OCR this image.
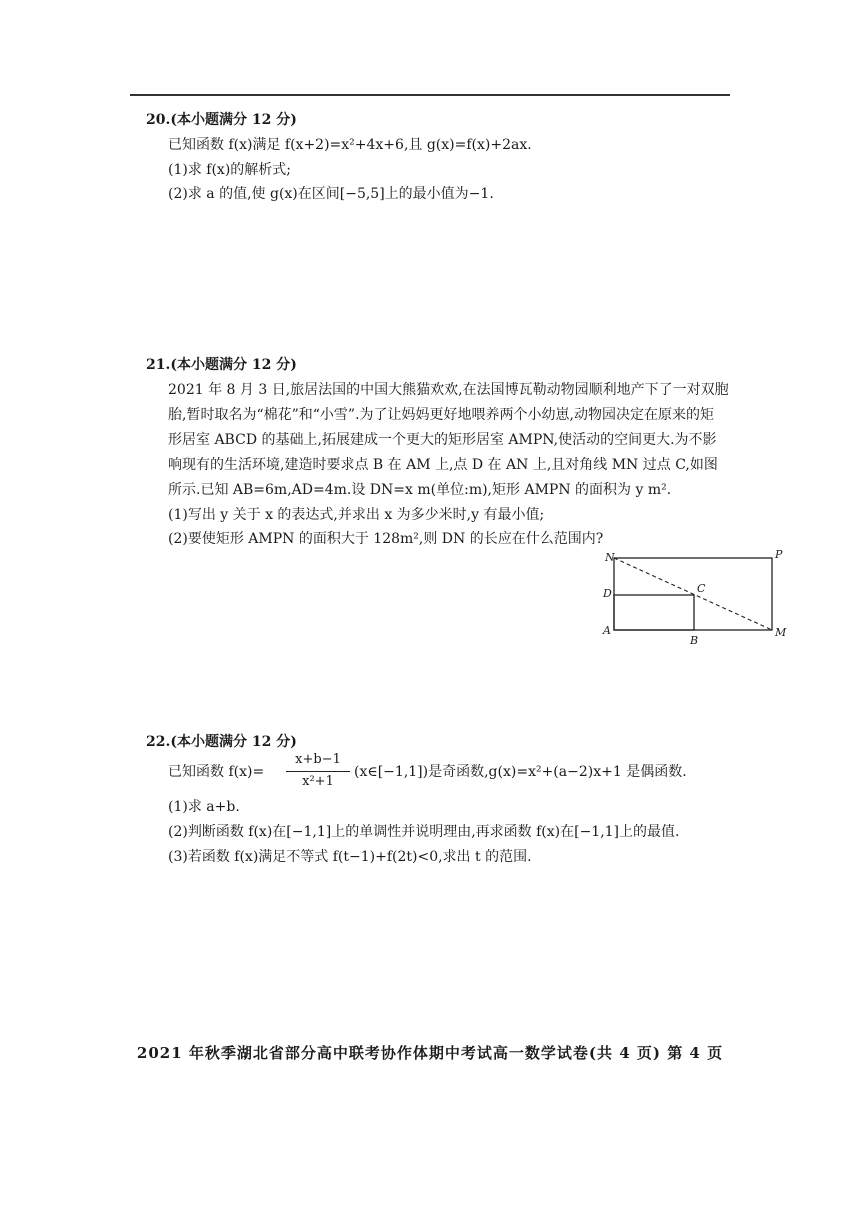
20.(本小题满分 12 分)
已知函数 f(x)满足 f(x+2)=x²+4x+6,且 g(x)=f(x)+2ax.
(1)求 f(x)的解析式;
(2)求 a 的值,使 g(x)在区间[−5,5]上的最小值为−1.
21.(本小题满分 12 分)
2021 年 8 月 3 日,旅居法国的中国大熊猫欢欢,在法国博瓦勒动物园顺利地产下了一对双胞
胎,暂时取名为“棉花”和“小雪”.为了让妈妈更好地喂养两个小幼崽,动物园决定在原来的矩
形居室 ABCD 的基础上,拓展建成一个更大的矩形居室 AMPN,使活动的空间更大.为不影
响现有的生活环境,建造时要求点 B 在 AM 上,点 D 在 AN 上,且对角线 MN 过点 C,如图
所示.已知 AB=6m,AD=4m.设 DN=x m(单位:m),矩形 AMPN 的面积为 y m².
(1)写出 y 关于 x 的表达式,并求出 x 为多少米时,y 有最小值;
(2)要使矩形 AMPN 的面积大于 128m²,则 DN 的长应在什么范围内?
N	P
D	C
A
B
M
22.(本小题满分 12 分)
已知函数 f(x)=
x+b−1
x²+1
(x∈[−1,1])是奇函数,g(x)=x²+(a−2)x+1 是偶函数.
(1)求 a+b.
(2)判断函数 f(x)在[−1,1]上的单调性并说明理由,再求函数 f(x)在[−1,1]上的最值.
(3)若函数 f(x)满足不等式 f(t−1)+f(2t)<0,求出 t 的范围.
2021 年秋季湖北省部分高中联考协作体期中考试高一数学试卷(共 4 页) 第 4 页
